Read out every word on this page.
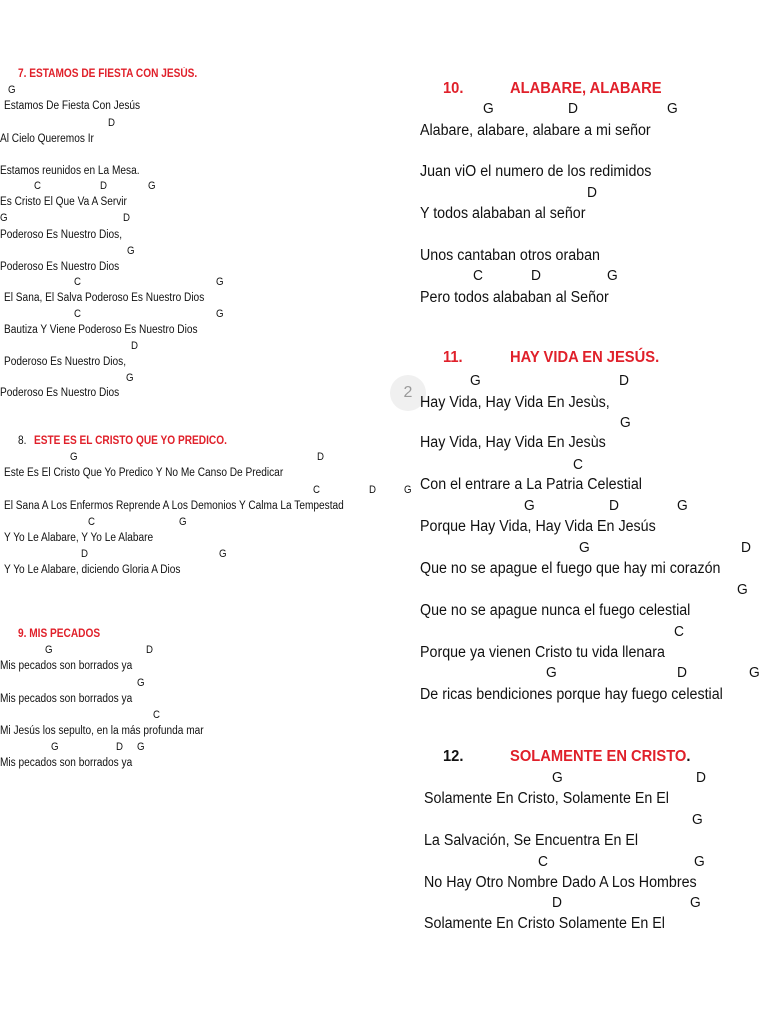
2
7. ESTAMOS DE FIESTA CON JESÚS.
G
Estamos De Fiesta Con Jesús
D
Al Cielo Queremos Ir
Estamos reunidos en La Mesa.
C	D	G
Es Cristo El Que Va A Servir
G	D
Poderoso Es Nuestro Dios,
G
Poderoso Es Nuestro Dios
C	G
El Sana, El Salva Poderoso Es Nuestro Dios
C	G
Bautiza Y Viene Poderoso Es Nuestro Dios
D
Poderoso Es Nuestro Dios,
G
Poderoso Es Nuestro Dios
8. ESTE ES EL CRISTO QUE YO PREDICO.
G	D
Este Es El Cristo Que Yo Predico Y No Me Canso De Predicar
C	D	G
El Sana A Los Enfermos Reprende A Los Demonios Y Calma La Tempestad
C	G
Y Yo Le Alabare, Y Yo Le Alabare
D	G
Y Yo Le Alabare, diciendo Gloria A Dios
9. MIS PECADOS
G	D
Mis pecados son borrados ya
G
Mis pecados son borrados ya
C
Mi Jesús los sepulto, en la más profunda mar
G	D G
Mis pecados son borrados ya
10.	ALABARE, ALABARE
G	D	G
Alabare, alabare, alabare a mi señor
Juan viO el numero de los redimidos
D
Y todos alababan al señor
Unos cantaban otros oraban
C	D	G
Pero todos alababan al Señor
11.	HAY VIDA EN JESÚS.
G	D
Hay Vida, Hay Vida En Jesùs,
G
Hay Vida, Hay Vida En Jesùs
C
Con el entrare a La Patria Celestial
G	D	G
Porque Hay Vida, Hay Vida En Jesús
G	D
Que no se apague el fuego que hay mi corazón
G
Que no se apague nunca el fuego celestial
C
Porque ya vienen Cristo tu vida llenara
G	D	G
De ricas bendiciones porque hay fuego celestial
12.	SOLAMENTE EN CRISTO.
G	D
Solamente En Cristo, Solamente En El
G
La Salvación, Se Encuentra En El
C	G
No Hay Otro Nombre Dado A Los Hombres
D	G
Solamente En Cristo Solamente En El
